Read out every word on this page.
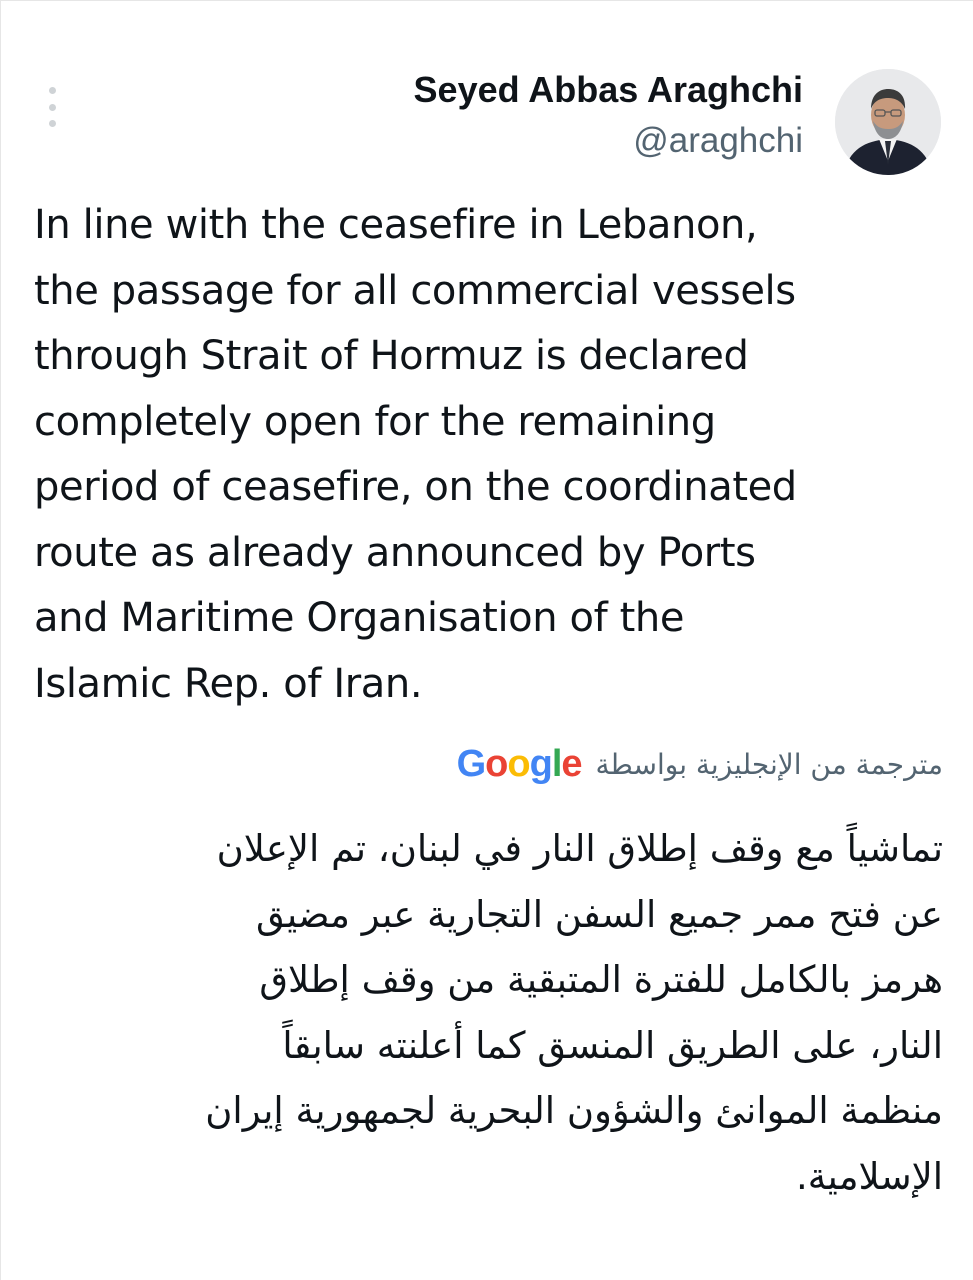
Seyed Abbas Araghchi
@araghchi
In line with the ceasefire in Lebanon,
the passage for all commercial vessels
through Strait of Hormuz is declared
completely open for the remaining
period of ceasefire, on the coordinated
route as already announced by Ports
and Maritime Organisation of the
Islamic Rep. of Iran.
Google مترجمة من الإنجليزية بواسطة
تماشياً مع وقف إطلاق النار في لبنان، تم الإعلان
عن فتح ممر جميع السفن التجارية عبر مضيق
هرمز بالكامل للفترة المتبقية من وقف إطلاق
النار، على الطريق المنسق كما أعلنته سابقاً
منظمة الموانئ والشؤون البحرية لجمهورية إيران
الإسلامية.
